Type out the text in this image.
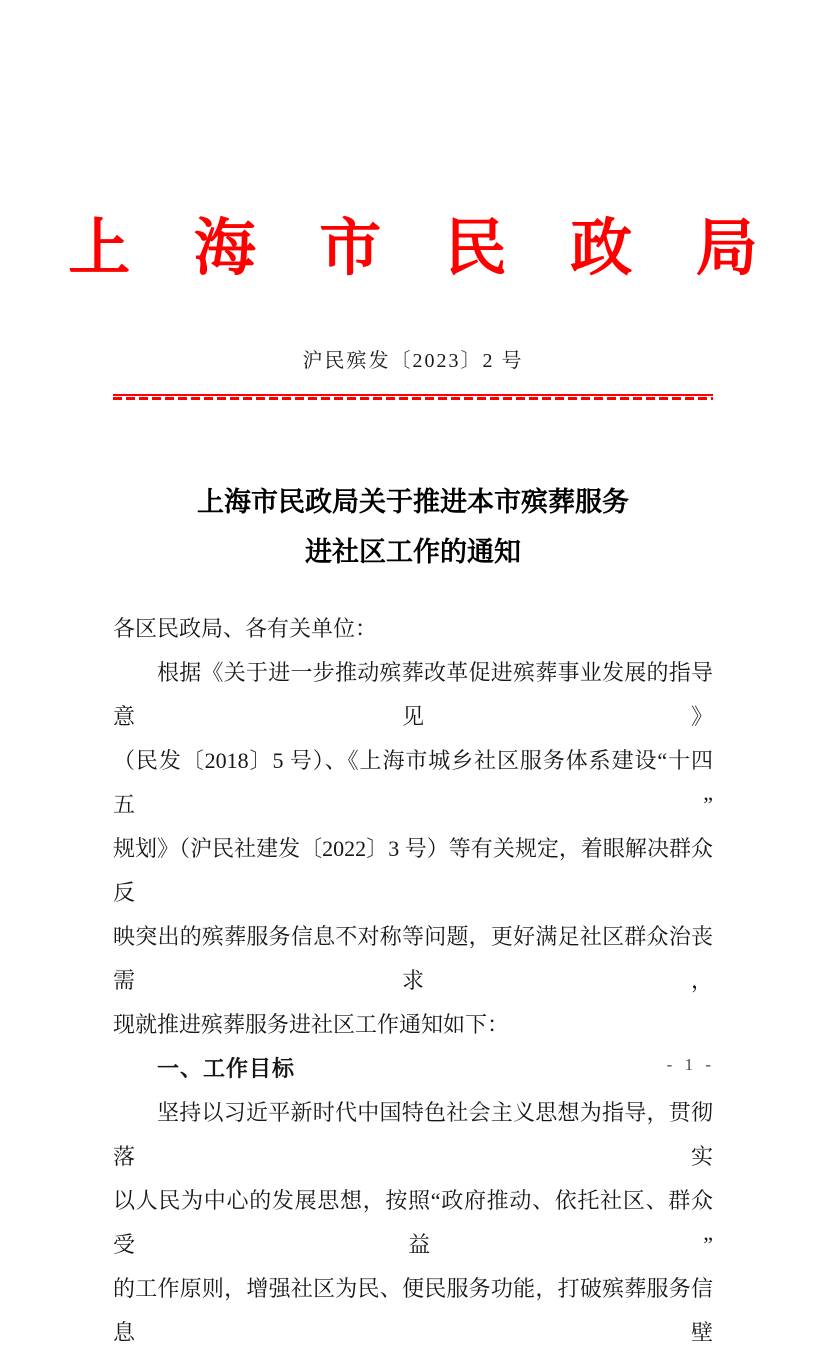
上 海 市 民 政 局
沪民殡发〔2023〕2 号
上海市民政局关于推进本市殡葬服务
进社区工作的通知
各区民政局、各有关单位：
根据《关于进一步推动殡葬改革促进殡葬事业发展的指导意见》
（民发〔2018〕5 号）、《上海市城乡社区服务体系建设“十四五”
规划》（沪民社建发〔2022〕3 号）等有关规定，着眼解决群众反
映突出的殡葬服务信息不对称等问题，更好满足社区群众治丧需求，
现就推进殡葬服务进社区工作通知如下：
一、工作目标
坚持以习近平新时代中国特色社会主义思想为指导，贯彻落实
以人民为中心的发展思想，按照“政府推动、依托社区、群众受益”
的工作原则，增强社区为民、便民服务功能，打破殡葬服务信息壁
- 1 -
